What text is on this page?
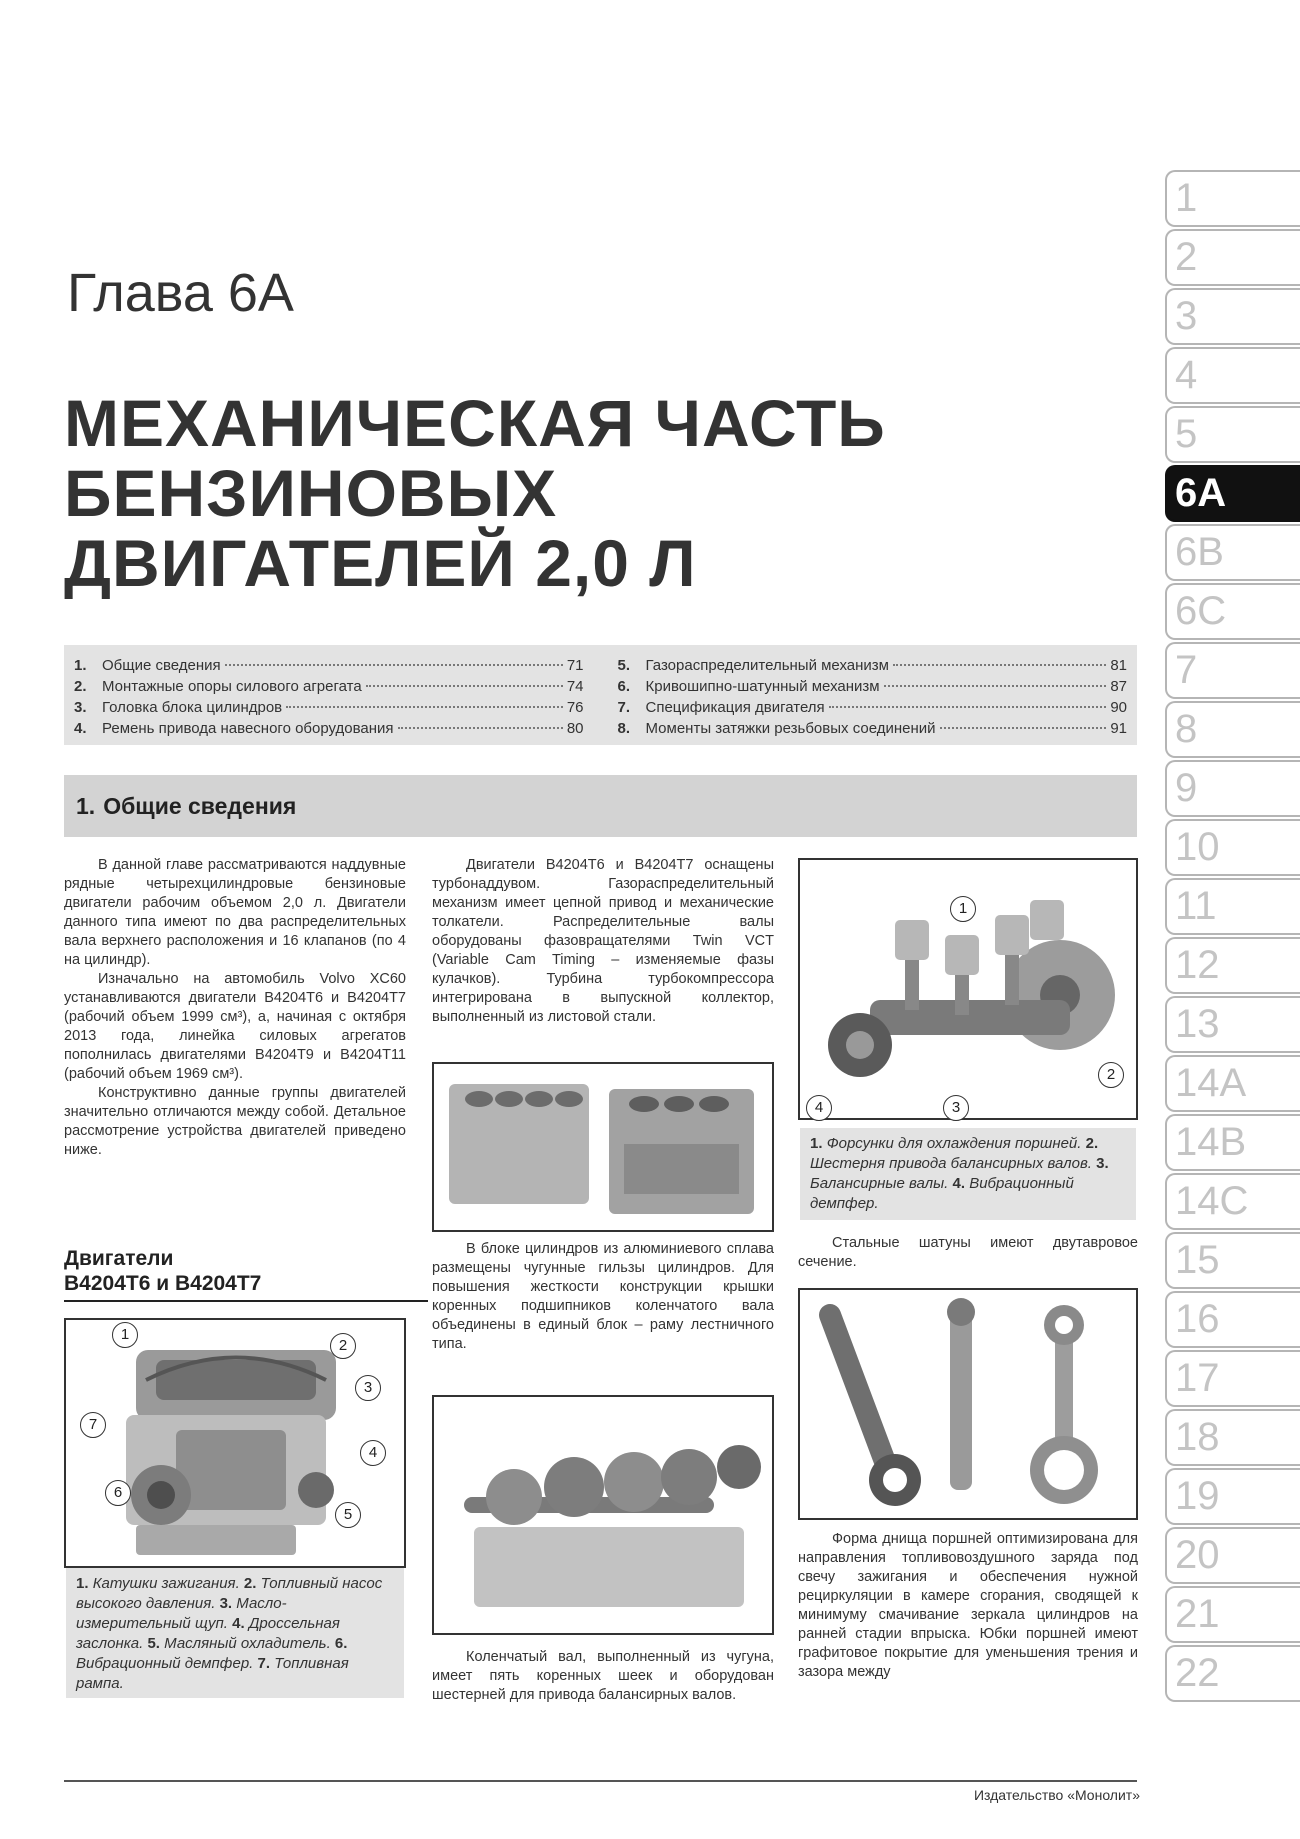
Глава 6А
МЕХАНИЧЕСКАЯ ЧАСТЬ
БЕНЗИНОВЫХ
ДВИГАТЕЛЕЙ 2,0 Л
1
2
3
4
5
6A
6B
6C
7
8
9
10
11
12
13
14A
14B
14C
15
16
17
18
19
20
21
22
1.	Общие сведения	71
2.	Монтажные опоры силового агрегата	74
3.	Головка блока цилиндров	76
4.	Ремень привода навесного оборудования	80
5.	Газораспределительный механизм	81
6.	Кривошипно-шатунный механизм	87
7.	Спецификация двигателя	90
8.	Моменты затяжки резьбовых соединений	91
1. Общие сведения

В данной главе рассматриваются наддувные рядные четырехцилиндровые бензиновые двигатели рабочим объемом 2,0 л. Двигатели данного типа имеют по два распределительных вала верхнего расположения и 16 клапанов (по 4 на цилиндр).

Изначально на автомобиль Volvo XC60 устанавливаются двигатели B4204T6 и B4204T7 (рабочий объем 1999 см³), а, начиная с октября 2013 года, линейка силовых агрегатов пополнилась двигателями B4204T9 и B4204T11 (рабочий объем 1969 см³).

Конструктивно данные группы двигателей значительно отличаются между собой. Детальное рассмотрение устройства двигателей приведено ниже.

Двигатели
B4204T6 и B4204T7
1
2
3
4
5
6
7
1. Катушки зажигания. 2. Топливный насос высокого давления. 3. Масло-измерительный щуп. 4. Дроссельная заслонка. 5. Масляный охладитель. 6. Вибрационный демпфер. 7. Топливная рампа.

Двигатели B4204T6 и B4204T7 оснащены турбонаддувом. Газораспределительный механизм имеет цепной привод и механические толкатели. Распределительные валы оборудованы фазовращателями Twin VCT (Variable Cam Timing – изменяемые фазы кулачков). Турбина турбокомпрессора интегрирована в выпускной коллектор, выполненный из листовой стали.

В блоке цилиндров из алюминиевого сплава размещены чугунные гильзы цилиндров. Для повышения жесткости конструкции крышки коренных подшипников коленчатого вала объединены в единый блок – раму лестничного типа.

Коленчатый вал, выполненный из чугуна, имеет пять коренных шеек и оборудован шестерней для привода балансирных валов.

1
2
3
4
1. Форсунки для охлаждения поршней. 2. Шестерня привода балансирных валов. 3. Балансирные валы. 4. Вибрационный демпфер.

Стальные шатуны имеют двутавровое сечение.

Форма днища поршней оптимизирована для направления топливовоздушного заряда под свечу зажигания и обеспечения нужной рециркуляции в камере сгорания, сводящей к минимуму смачивание зеркала цилиндров на ранней стадии впрыска. Юбки поршней имеют графитовое покрытие для уменьшения трения и зазора между

Издательство «Монолит»
